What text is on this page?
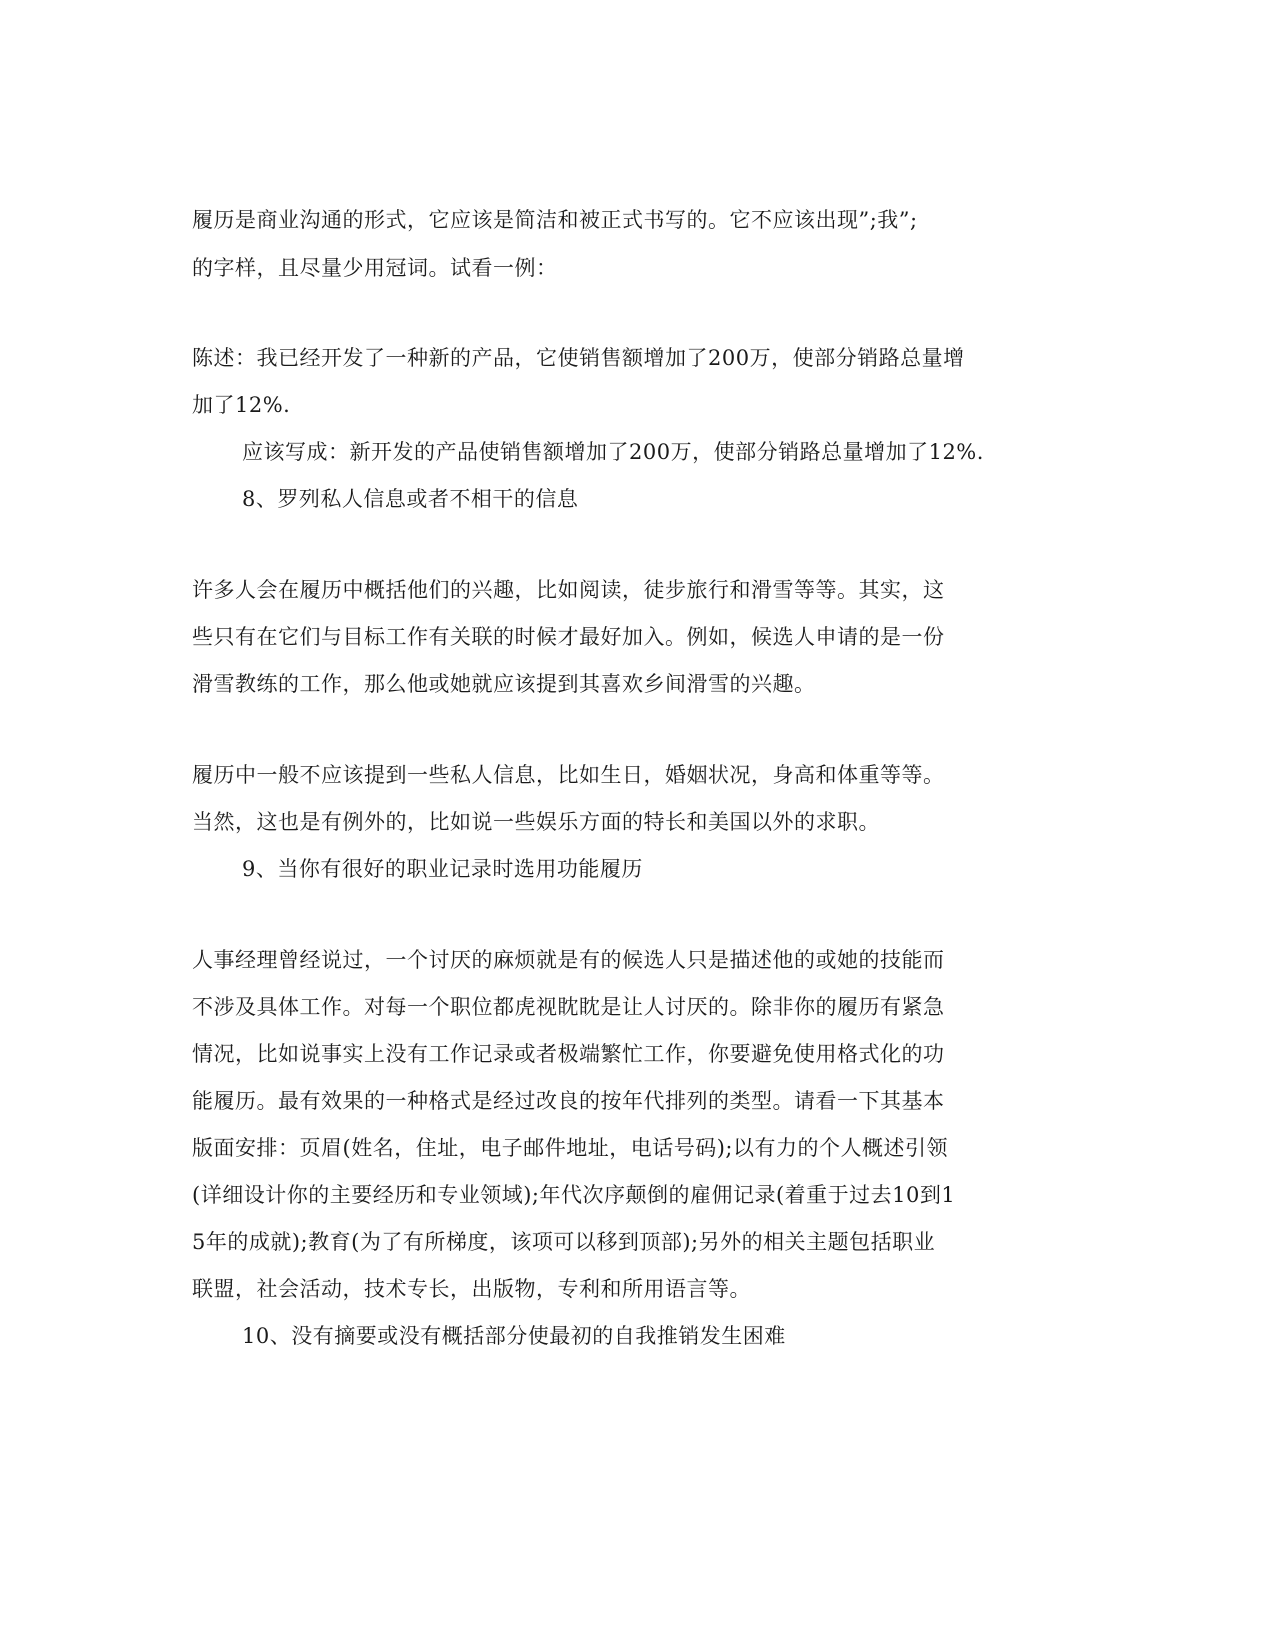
履历是商业沟通的形式，它应该是简洁和被正式书写的。它不应该出现”;我”;
的字样，且尽量少用冠词。试看一例：
陈述：我已经开发了一种新的产品，它使销售额增加了200万，使部分销路总量增
加了12%.
应该写成：新开发的产品使销售额增加了200万，使部分销路总量增加了12%.
8、罗列私人信息或者不相干的信息
许多人会在履历中概括他们的兴趣，比如阅读，徒步旅行和滑雪等等。其实，这
些只有在它们与目标工作有关联的时候才最好加入。例如，候选人申请的是一份
滑雪教练的工作，那么他或她就应该提到其喜欢乡间滑雪的兴趣。
履历中一般不应该提到一些私人信息，比如生日，婚姻状况，身高和体重等等。
当然，这也是有例外的，比如说一些娱乐方面的特长和美国以外的求职。
9、当你有很好的职业记录时选用功能履历
人事经理曾经说过，一个讨厌的麻烦就是有的候选人只是描述他的或她的技能而
不涉及具体工作。对每一个职位都虎视眈眈是让人讨厌的。除非你的履历有紧急
情况，比如说事实上没有工作记录或者极端繁忙工作，你要避免使用格式化的功
能履历。最有效果的一种格式是经过改良的按年代排列的类型。请看一下其基本
版面安排：页眉(姓名，住址，电子邮件地址，电话号码);以有力的个人概述引领
(详细设计你的主要经历和专业领域);年代次序颠倒的雇佣记录(着重于过去10到1
5年的成就);教育(为了有所梯度，该项可以移到顶部);另外的相关主题包括职业
联盟，社会活动，技术专长，出版物，专利和所用语言等。
10、没有摘要或没有概括部分使最初的自我推销发生困难
